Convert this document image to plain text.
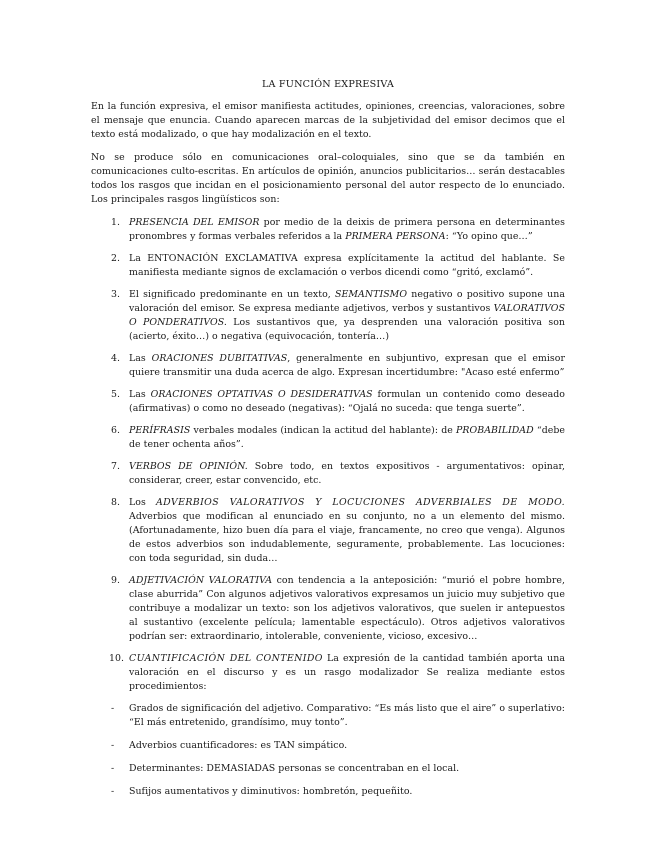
LA FUNCIÓN EXPRESIVA

En la función expresiva, el emisor manifiesta actitudes, opiniones, creencias, valoraciones, sobre el mensaje que enuncia. Cuando aparecen marcas de la subjetividad del emisor decimos que el texto está modalizado, o que hay modalización en el texto.

No se produce sólo en comunicaciones oral–coloquiales, sino que se da también en comunicaciones culto-escritas. En artículos de opinión, anuncios publicitarios… serán destacables todos los rasgos que incidan en el posicionamiento personal del autor respecto de lo enunciado. Los principales rasgos lingüísticos son:

1. PRESENCIA DEL EMISOR por medio de la deixis de primera persona en determinantes pronombres y formas verbales referidos a la PRIMERA PERSONA: “Yo opino que…”
2. La ENTONACIÓN EXCLAMATIVA expresa explícitamente la actitud del hablante. Se manifiesta mediante signos de exclamación o verbos dicendi como “gritó, exclamó”.
3. El significado predominante en un texto, SEMANTISMO negativo o positivo supone una valoración del emisor. Se expresa mediante adjetivos, verbos y sustantivos VALORATIVOS O PONDERATIVOS. Los sustantivos que, ya desprenden una valoración positiva son (acierto, éxito…) o negativa (equivocación, tontería…)
4. Las ORACIONES DUBITATIVAS, generalmente en subjuntivo, expresan que el emisor quiere transmitir una duda acerca de algo. Expresan incertidumbre: "Acaso esté enfermo”
5. Las ORACIONES OPTATIVAS O DESIDERATIVAS formulan un contenido como deseado (afirmativas) o como no deseado (negativas): “Ojalá no suceda: que tenga suerte”.
6. PERÍFRASIS verbales modales (indican la actitud del hablante): de PROBABILIDAD “debe de tener ochenta años”.
7. VERBOS DE OPINIÓN. Sobre todo, en textos expositivos - argumentativos: opinar, considerar, creer, estar convencido, etc.
8. Los ADVERBIOS VALORATIVOS Y LOCUCIONES ADVERBIALES DE MODO. Adverbios que modifican al enunciado en su conjunto, no a un elemento del mismo. (Afortunadamente, hizo buen día para el viaje, francamente, no creo que venga). Algunos de estos adverbios son indudablemente, seguramente, probablemente. Las locuciones: con toda seguridad, sin duda…
9. ADJETIVACIÓN VALORATIVA con tendencia a la anteposición: “murió el pobre hombre, clase aburrida” Con algunos adjetivos valorativos expresamos un juicio muy subjetivo que contribuye a modalizar un texto: son los adjetivos valorativos, que suelen ir antepuestos al sustantivo (excelente película; lamentable espectáculo). Otros adjetivos valorativos podrían ser: extraordinario, intolerable, conveniente, vicioso, excesivo…
10. CUANTIFICACIÓN DEL CONTENIDO La expresión de la cantidad también aporta una valoración en el discurso y es un rasgo modalizador Se realiza mediante estos procedimientos:
- Grados de significación del adjetivo. Comparativo: “Es más listo que el aire” o superlativo: “El más entretenido, grandísimo, muy tonto”.
- Adverbios cuantificadores: es TAN simpático.
- Determinantes: DEMASIADAS personas se concentraban en el local.
- Sufijos aumentativos y diminutivos: hombretón, pequeñito.
